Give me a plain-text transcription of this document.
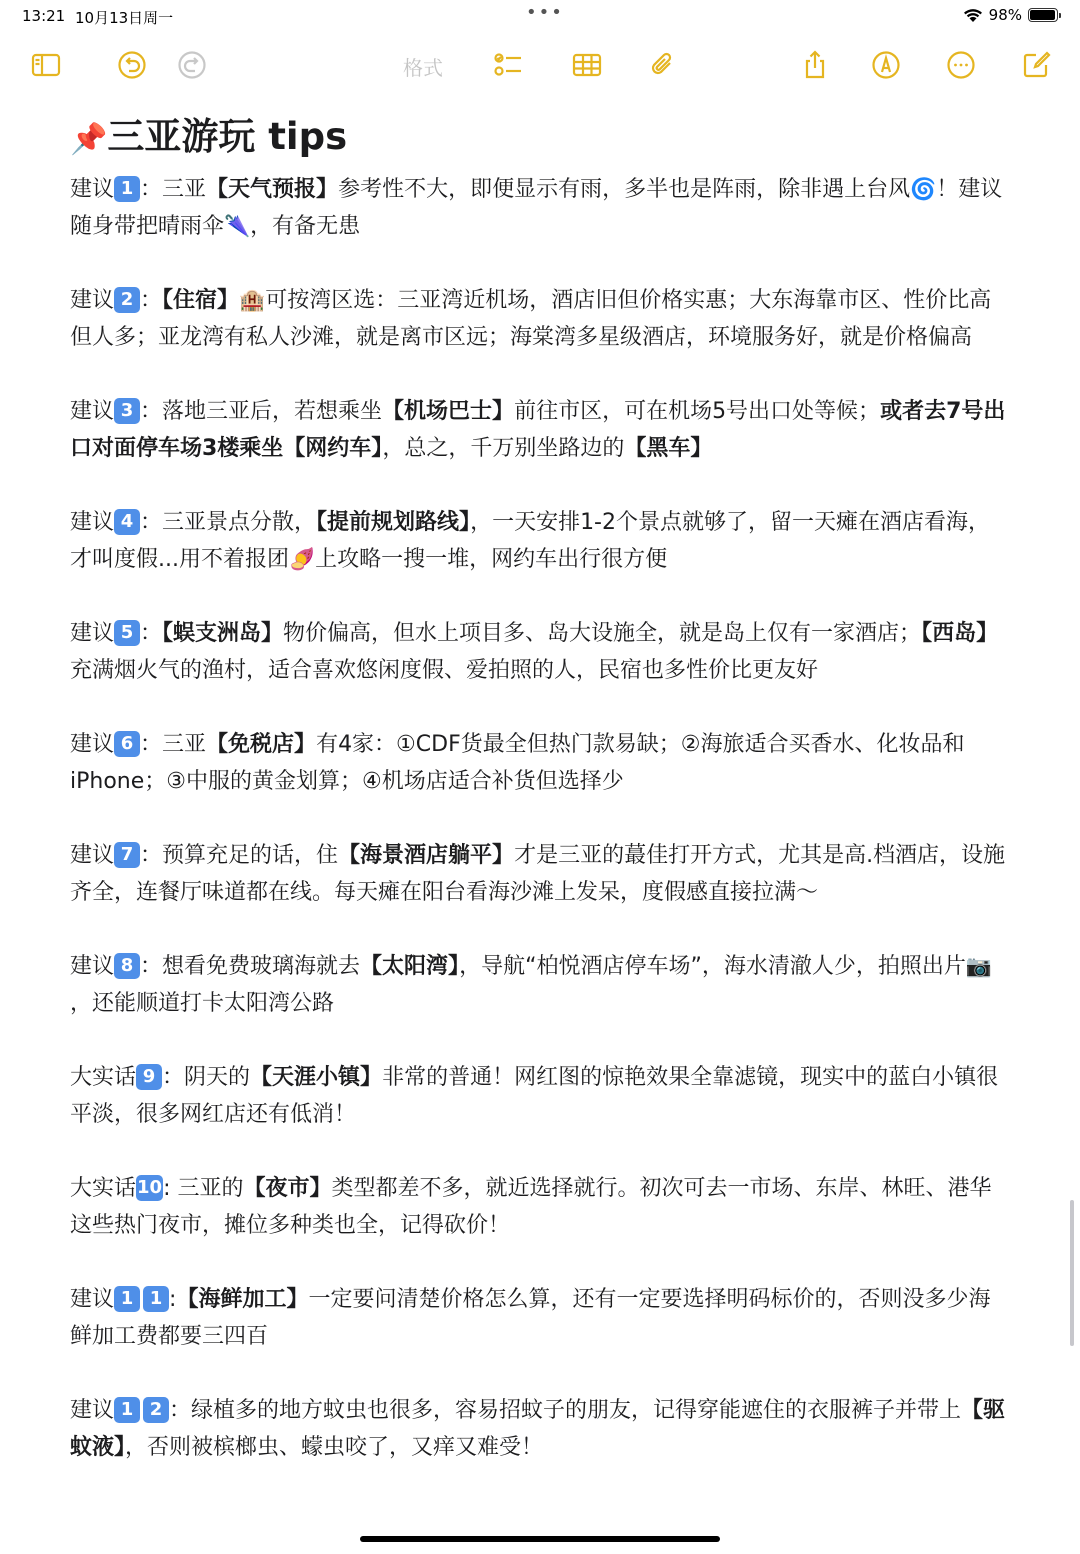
13:21 10月13日周一	•••	98%
格式
📌三亚游玩 tips

建议 1 ：三亚【天气预报】参考性不大，即便显示有雨，多半也是阵雨，除非遇上台风🌀！建议随身带把晴雨伞🌂，有备无患

建议 2 ：【住宿】🏨可按湾区选：三亚湾近机场，酒店旧但价格实惠；大东海靠市区、性价比高但人多；亚龙湾有私人沙滩，就是离市区远；海棠湾多星级酒店，环境服务好，就是价格偏高

建议 3 ：落地三亚后，若想乘坐【机场巴士】前往市区，可在机场5号出口处等候；或者去7号出口对面停车场3楼乘坐【网约车】，总之，千万别坐路边的【黑车】

建议 4 ：三亚景点分散，【提前规划路线】，一天安排1-2个景点就够了，留一天瘫在酒店看海，才叫度假...用不着报团🍠上攻略一搜一堆，网约车出行很方便

建议 5 ：【蜈支洲岛】物价偏高，但水上项目多、岛大设施全，就是岛上仅有一家酒店；【西岛】充满烟火气的渔村，适合喜欢悠闲度假、爱拍照的人，民宿也多性价比更友好

建议 6 ：三亚【免税店】有4家：①CDF货最全但热门款易缺；②海旅适合买香水、化妆品和iPhone；③中服的黄金划算；④机场店适合补货但选择少

建议 7 ：预算充足的话，住【海景酒店躺平】才是三亚的蕞佳打开方式，尤其是高.档酒店，设施齐全，连餐厅味道都在线。每天瘫在阳台看海沙滩上发呆，度假感直接拉满～

建议 8 ：想看免费玻璃海就去【太阳湾】，导航“柏悦酒店停车场”，海水清澈人少，拍照出片📷，还能顺道打卡太阳湾公路

大实话 9 ：阴天的【天涯小镇】非常的普通！网红图的惊艳效果全靠滤镜，现实中的蓝白小镇很平淡，很多网红店还有低消！

大实话10: 三亚的【夜市】类型都差不多，就近选择就行。初次可去一市场、东岸、林旺、港华这些热门夜市，摊位多种类也全，记得砍价！

建议 1 1 :【海鲜加工】一定要问清楚价格怎么算，还有一定要选择明码标价的，否则没多少海鲜加工费都要三四百

建议 1 2 ：绿植多的地方蚊虫也很多，容易招蚊子的朋友，记得穿能遮住的衣服裤子并带上【驱蚊液】，否则被槟榔虫、蠓虫咬了，又痒又难受！
